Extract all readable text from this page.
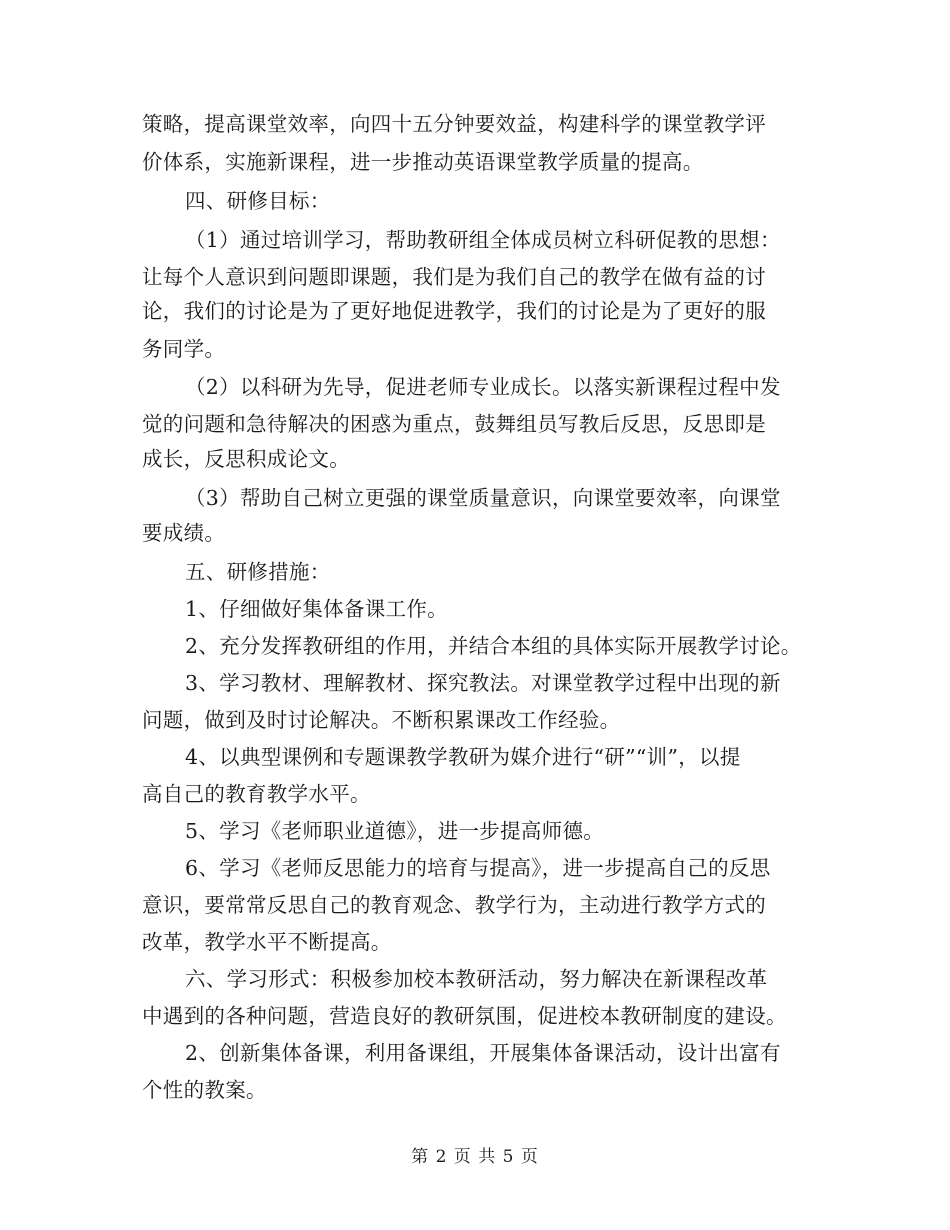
策略，提高课堂效率，向四十五分钟要效益，构建科学的课堂教学评
价体系，实施新课程，进一步推动英语课堂教学质量的提高。
四、研修目标：
（1）通过培训学习，帮助教研组全体成员树立科研促教的思想：
让每个人意识到问题即课题，我们是为我们自己的教学在做有益的讨
论，我们的讨论是为了更好地促进教学，我们的讨论是为了更好的服
务同学。
（2）以科研为先导，促进老师专业成长。以落实新课程过程中发
觉的问题和急待解决的困惑为重点，鼓舞组员写教后反思，反思即是
成长，反思积成论文。
（3）帮助自己树立更强的课堂质量意识，向课堂要效率，向课堂
要成绩。
五、研修措施：
1、仔细做好集体备课工作。
2、充分发挥教研组的作用，并结合本组的具体实际开展教学讨论。
3、学习教材、理解教材、探究教法。对课堂教学过程中出现的新
问题，做到及时讨论解决。不断积累课改工作经验。
4、以典型课例和专题课教学教研为媒介进行“研”“训”，以提
高自己的教育教学水平。
5、学习《老师职业道德》，进一步提高师德。
6、学习《老师反思能力的培育与提高》，进一步提高自己的反思
意识，要常常反思自己的教育观念、教学行为，主动进行教学方式的
改革，教学水平不断提高。
六、学习形式：积极参加校本教研活动，努力解决在新课程改革
中遇到的各种问题，营造良好的教研氛围，促进校本教研制度的建设。
2、创新集体备课，利用备课组，开展集体备课活动，设计出富有
个性的教案。
第 2 页 共 5 页
